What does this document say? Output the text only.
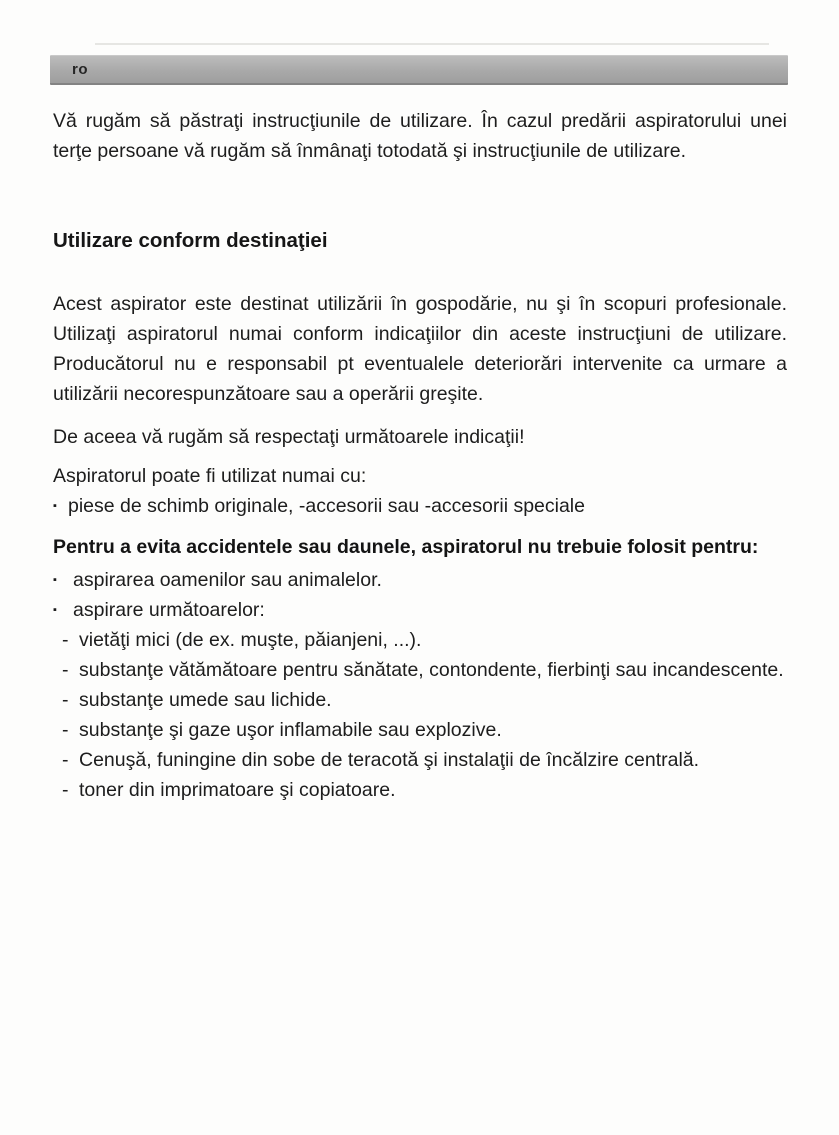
ro

Vă rugăm să păstraţi instrucţiunile de utilizare. În cazul predării aspiratorului unei terţe persoane vă rugăm să înmânaţi totodată şi instrucţiunile de utilizare.

Utilizare conform destinaţiei

Acest aspirator este destinat utilizării în gospodărie, nu şi în scopuri profesionale. Utilizaţi aspiratorul numai conform indicaţiilor din aceste instrucţiuni de utilizare. Producătorul nu e responsabil pt eventualele deteriorări intervenite ca urmare a utilizării necorespunzătoare sau a operării greşite.

De aceea vă rugăm să respectaţi următoarele indicaţii!

Aspiratorul poate fi utilizat numai cu:

▪ piese de schimb originale, -accesorii sau -accesorii speciale

Pentru a evita accidentele sau daunele, aspiratorul nu trebuie folosit pentru:

▪ aspirarea oamenilor sau animalelor.
▪ aspirare următoarelor:
- vietăţi mici (de ex. muşte, păianjeni, ...).
- substanţe vătămătoare pentru sănătate, contondente, fierbinţi sau incandescente.
- substanţe umede sau lichide.
- substanţe şi gaze uşor inflamabile sau explozive.
- Cenuşă, funingine din sobe de teracotă şi instalaţii de încălzire centrală.
- toner din imprimatoare şi copiatoare.
